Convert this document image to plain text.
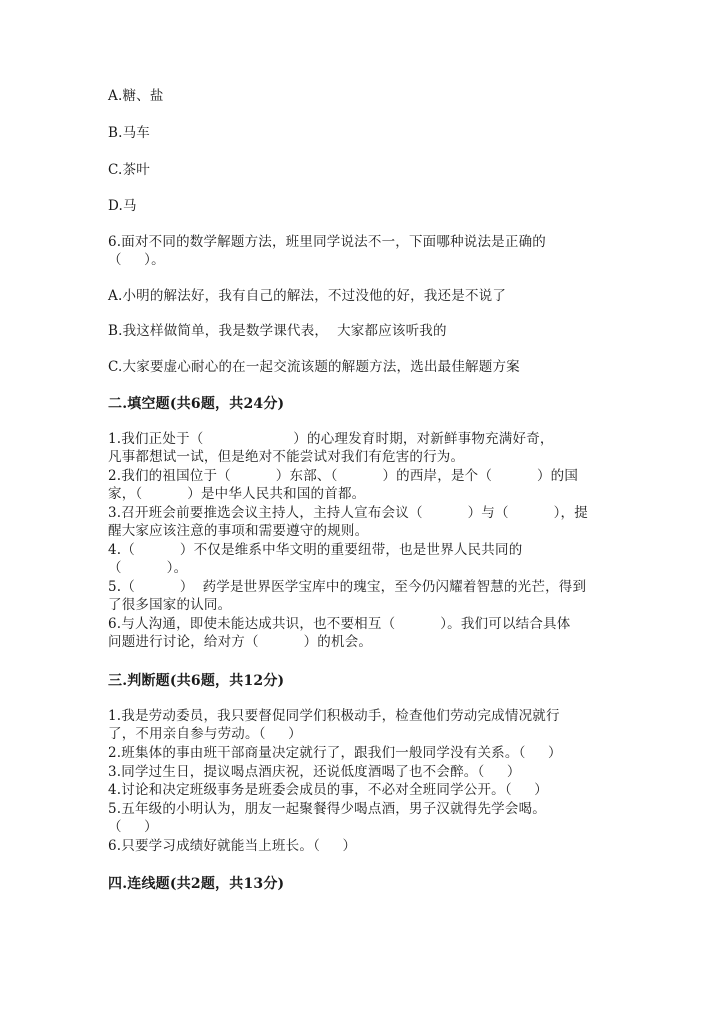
A.糖、盐
B.马车
C.茶叶
D.马
6.面对不同的数学解题方法，班里同学说法不一，下面哪种说法是正确的
（     ）。
A.小明的解法好，我有自己的解法，不过没他的好，我还是不说了
B.我这样做简单，我是数学课代表，  大家都应该听我的
C.大家要虚心耐心的在一起交流该题的解题方法，选出最佳解题方案
二.填空题(共6题，共24分)
1.我们正处于（                    ）的心理发育时期，对新鲜事物充满好奇，
凡事都想试一试，但是绝对不能尝试对我们有危害的行为。
2.我们的祖国位于（          ）东部、（          ）的西岸，是个（          ）的国
家，（          ）是中华人民共和国的首都。
3.召开班会前要推选会议主持人，主持人宣布会议（          ）与（          ），提
醒大家应该注意的事项和需要遵守的规则。
4.（          ）不仅是维系中华文明的重要纽带，也是世界人民共同的
（          ）。
5.（          ）  药学是世界医学宝库中的瑰宝，至今仍闪耀着智慧的光芒，得到
了很多国家的认同。
6.与人沟通，即使未能达成共识，也不要相互（          ）。我们可以结合具体
问题进行讨论，给对方（          ）的机会。
三.判断题(共6题，共12分)
1.我是劳动委员，我只要督促同学们积极动手，检查他们劳动完成情况就行
了，不用亲自参与劳动。（     ）
2.班集体的事由班干部商量决定就行了，跟我们一般同学没有关系。（     ）
3.同学过生日，提议喝点酒庆祝，还说低度酒喝了也不会醉。（     ）
4.讨论和决定班级事务是班委会成员的事，不必对全班同学公开。（     ）
5.五年级的小明认为，朋友一起聚餐得少喝点酒，男子汉就得先学会喝。
（     ）
6.只要学习成绩好就能当上班长。（     ）
四.连线题(共2题，共13分)
